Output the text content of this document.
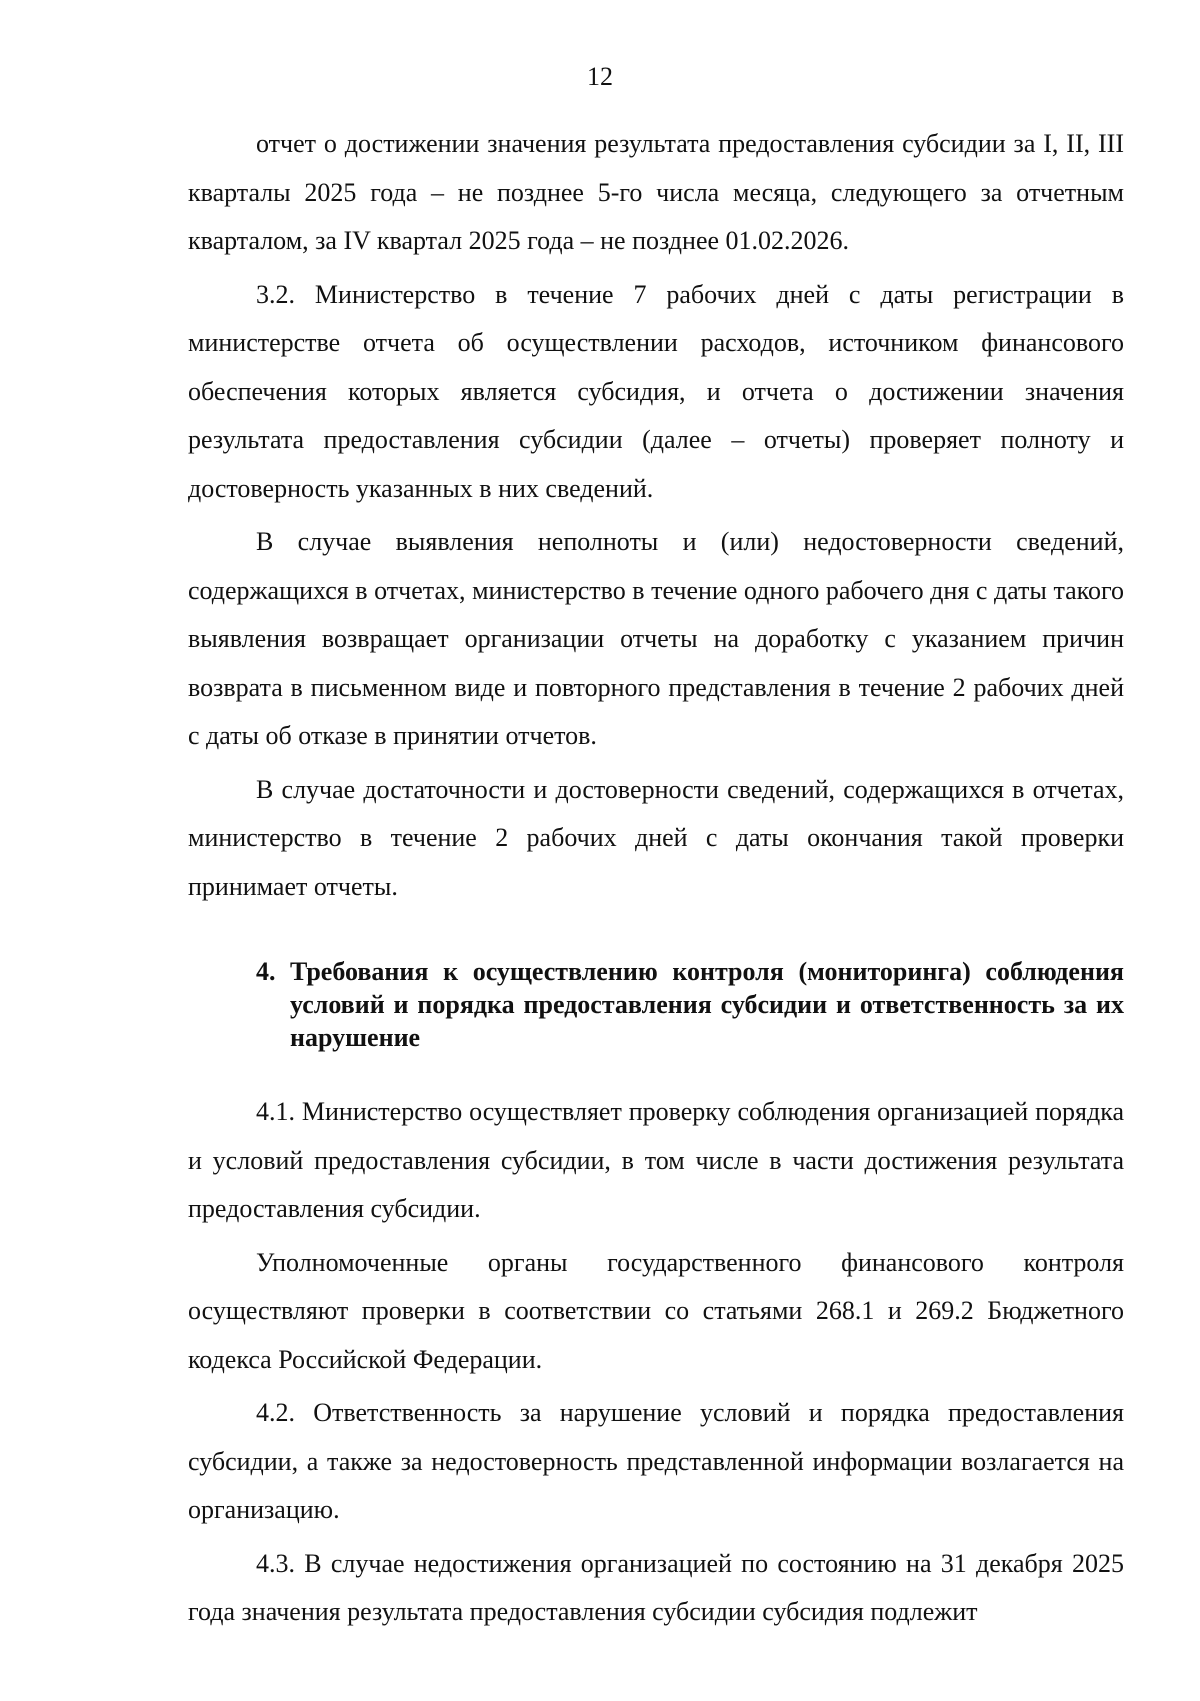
12

отчет о достижении значения результата предоставления субсидии за I, II, III кварталы 2025 года – не позднее 5-го числа месяца, следующего за отчетным кварталом, за IV квартал 2025 года – не позднее 01.02.2026.

3.2. Министерство в течение 7 рабочих дней с даты регистрации в министерстве отчета об осуществлении расходов, источником финансового обеспечения которых является субсидия, и отчета о достижении значения результата предоставления субсидии (далее – отчеты) проверяет полноту и достоверность указанных в них сведений.

В случае выявления неполноты и (или) недостоверности сведений, содержащихся в отчетах, министерство в течение одного рабочего дня с даты такого выявления возвращает организации отчеты на доработку с указанием причин возврата в письменном виде и повторного представления в течение 2 рабочих дней с даты об отказе в принятии отчетов.

В случае достаточности и достоверности сведений, содержащихся в отчетах, министерство в течение 2 рабочих дней с даты окончания такой проверки принимает отчеты.

4. Требования к осуществлению контроля (мониторинга) соблюдения условий и порядка предоставления субсидии и ответственность за их нарушение

4.1. Министерство осуществляет проверку соблюдения организацией порядка и условий предоставления субсидии, в том числе в части достижения результата предоставления субсидии.

Уполномоченные органы государственного финансового контроля осуществляют проверки в соответствии со статьями 268.1 и 269.2 Бюджетного кодекса Российской Федерации.

4.2. Ответственность за нарушение условий и порядка предоставления субсидии, а также за недостоверность представленной информации возлагается на организацию.

4.3. В случае недостижения организацией по состоянию на 31 декабря 2025 года значения результата предоставления субсидии субсидия подлежит
